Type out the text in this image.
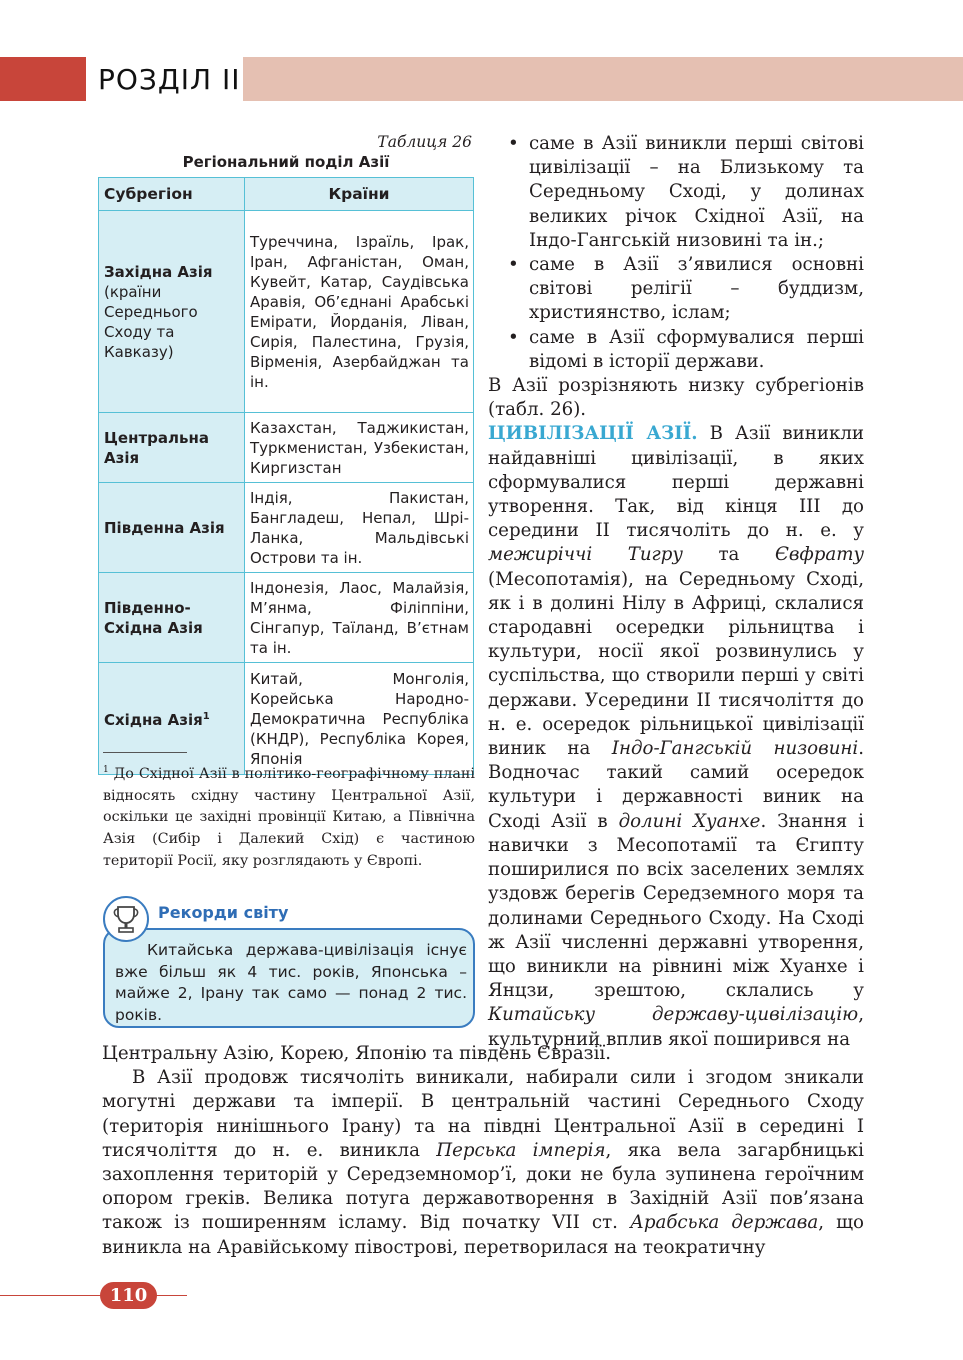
РОЗДІЛ II
Таблиця 26
Регіональний поділ Азії
Субрегіон	Країни
Західна Азія
(країни Середнього Сходу та Кавказу)	Туреччина, Ізраїль, Ірак, Іран, Афганістан, Оман, Кувейт, Катар, Саудівська Аравія, Об’єднані Арабські Емірати, Йорданія, Ліван, Сирія, Палестина, Грузія, Вірменія, Азербайджан та ін.
Центральна Азія	Казахстан, Таджикистан, Туркменистан, Узбекистан, Киргизстан
Південна Азія	Індія, Пакистан, Бангладеш, Непал, Шрі-Ланка, Мальдівські Острови та ін.
Південно-Східна Азія	Індонезія, Лаос, Малайзія, М’янма, Філіппіни, Сінгапур, Таїланд, В’єтнам та ін.
Східна Азія$^1$	Китай, Монголія, Корейська Народно-Демократична Республіка (КНДР), Республіка Корея, Японія
$^1$ До Східної Азії в політико-географічному плані відносять східну частину Центральної Азії, оскільки це західні провінції Китаю, а Північна Азія (Сибір і Далекий Схід) є частиною території Росії, яку розглядають у Європі.
Рекорди світу
Китайська держава-цивілізація існує вже більш як 4 тис. років, Японська – майже 2, Ірану так само — понад 2 тис. років.
• саме в Азії виникли перші світові цивілізації – на Близькому та Середньому Сході, у долинах великих річок Східної Азії, на Індо-Гангській низовині та ін.;
• саме в Азії з’явилися основні світові релігії – буддизм, християнство, іслам;
• саме в Азії сформувалися перші відомі в історії держави.

В Азії розрізняють низку субрегіонів (табл. 26).

ЦИВІЛІЗАЦІЇ АЗІЇ. В Азії виникли найдавніші цивілізації, в яких сформувалися перші державні утворення. Так, від кінця III до середини II тисячоліть до н. е. у межиріччі Тигру та Євфрату (Месопотамія), на Середньому Сході, як і в долині Нілу в Африці, склалися стародавні осередки рільництва і культури, носії якої розвинулись у суспільства, що створили перші у світі держави. Усередини II тисячоліття до н. е. осередок рільницької цивілізації виник на Індо-Гангській низовині. Водночас такий самий осередок культури і державності виник на Сході Азії в долині Хуанхе. Знання і навички з Месопотамії та Єгипту поширилися по всіх заселених землях уздовж берегів Середземного моря та долинами Середнього Сходу. На Сході ж Азії численні державні утворення, що виникли на рівнині між Хуанхе і Янцзи, зрештою, склались у Китайську державу-цивілізацію, культурний вплив якої поширився на

Центральну Азію, Корею, Японію та південь Євразії.

В Азії продовж тисячоліть виникали, набирали сили і згодом зникали могутні держави та імперії. В центральній частині Середнього Сходу (територія нинішнього Ірану) та на півдні Центральної Азії в середині I тисячоліття до н. е. виникла Перська імперія, яка вела загарбницькі захоплення територій у Середземномор’ї, доки не була зупинена героїчним опором греків. Велика потуга державотворення в Західній Азії пов’язана також із поширенням ісламу. Від початку VII ст. Арабська держава, що виникла на Аравійському півострові, перетворилася на теократичну

110
